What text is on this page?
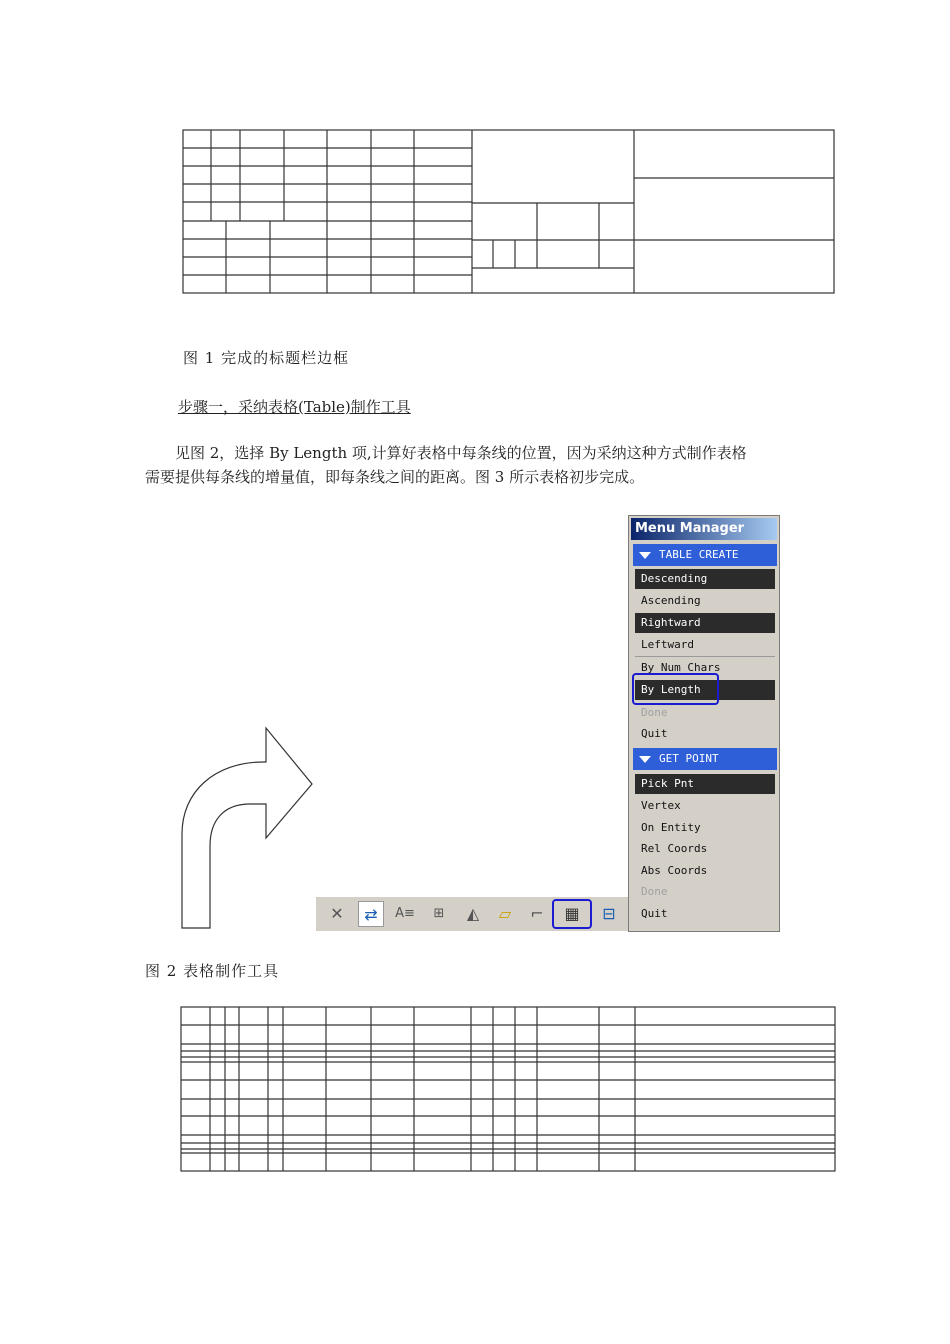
图 1 完成的标题栏边框
步骤一，采纳表格(Table)制作工具
见图 2，选择 By Length 项,计算好表格中每条线的位置，因为采纳这种方式制作表格
需要提供每条线的增量值，即每条线之间的距离。图 3 所示表格初步完成。
✕	⇄	A≡	⊞	◭	▱	⌐	▦	⊟
Menu Manager
TABLE CREATE
Descending
Ascending
Rightward
Leftward
By Num Chars
By Length
Done
Quit
GET POINT
Pick Pnt
Vertex
On Entity
Rel Coords
Abs Coords
Done
Quit
图 2 表格制作工具
